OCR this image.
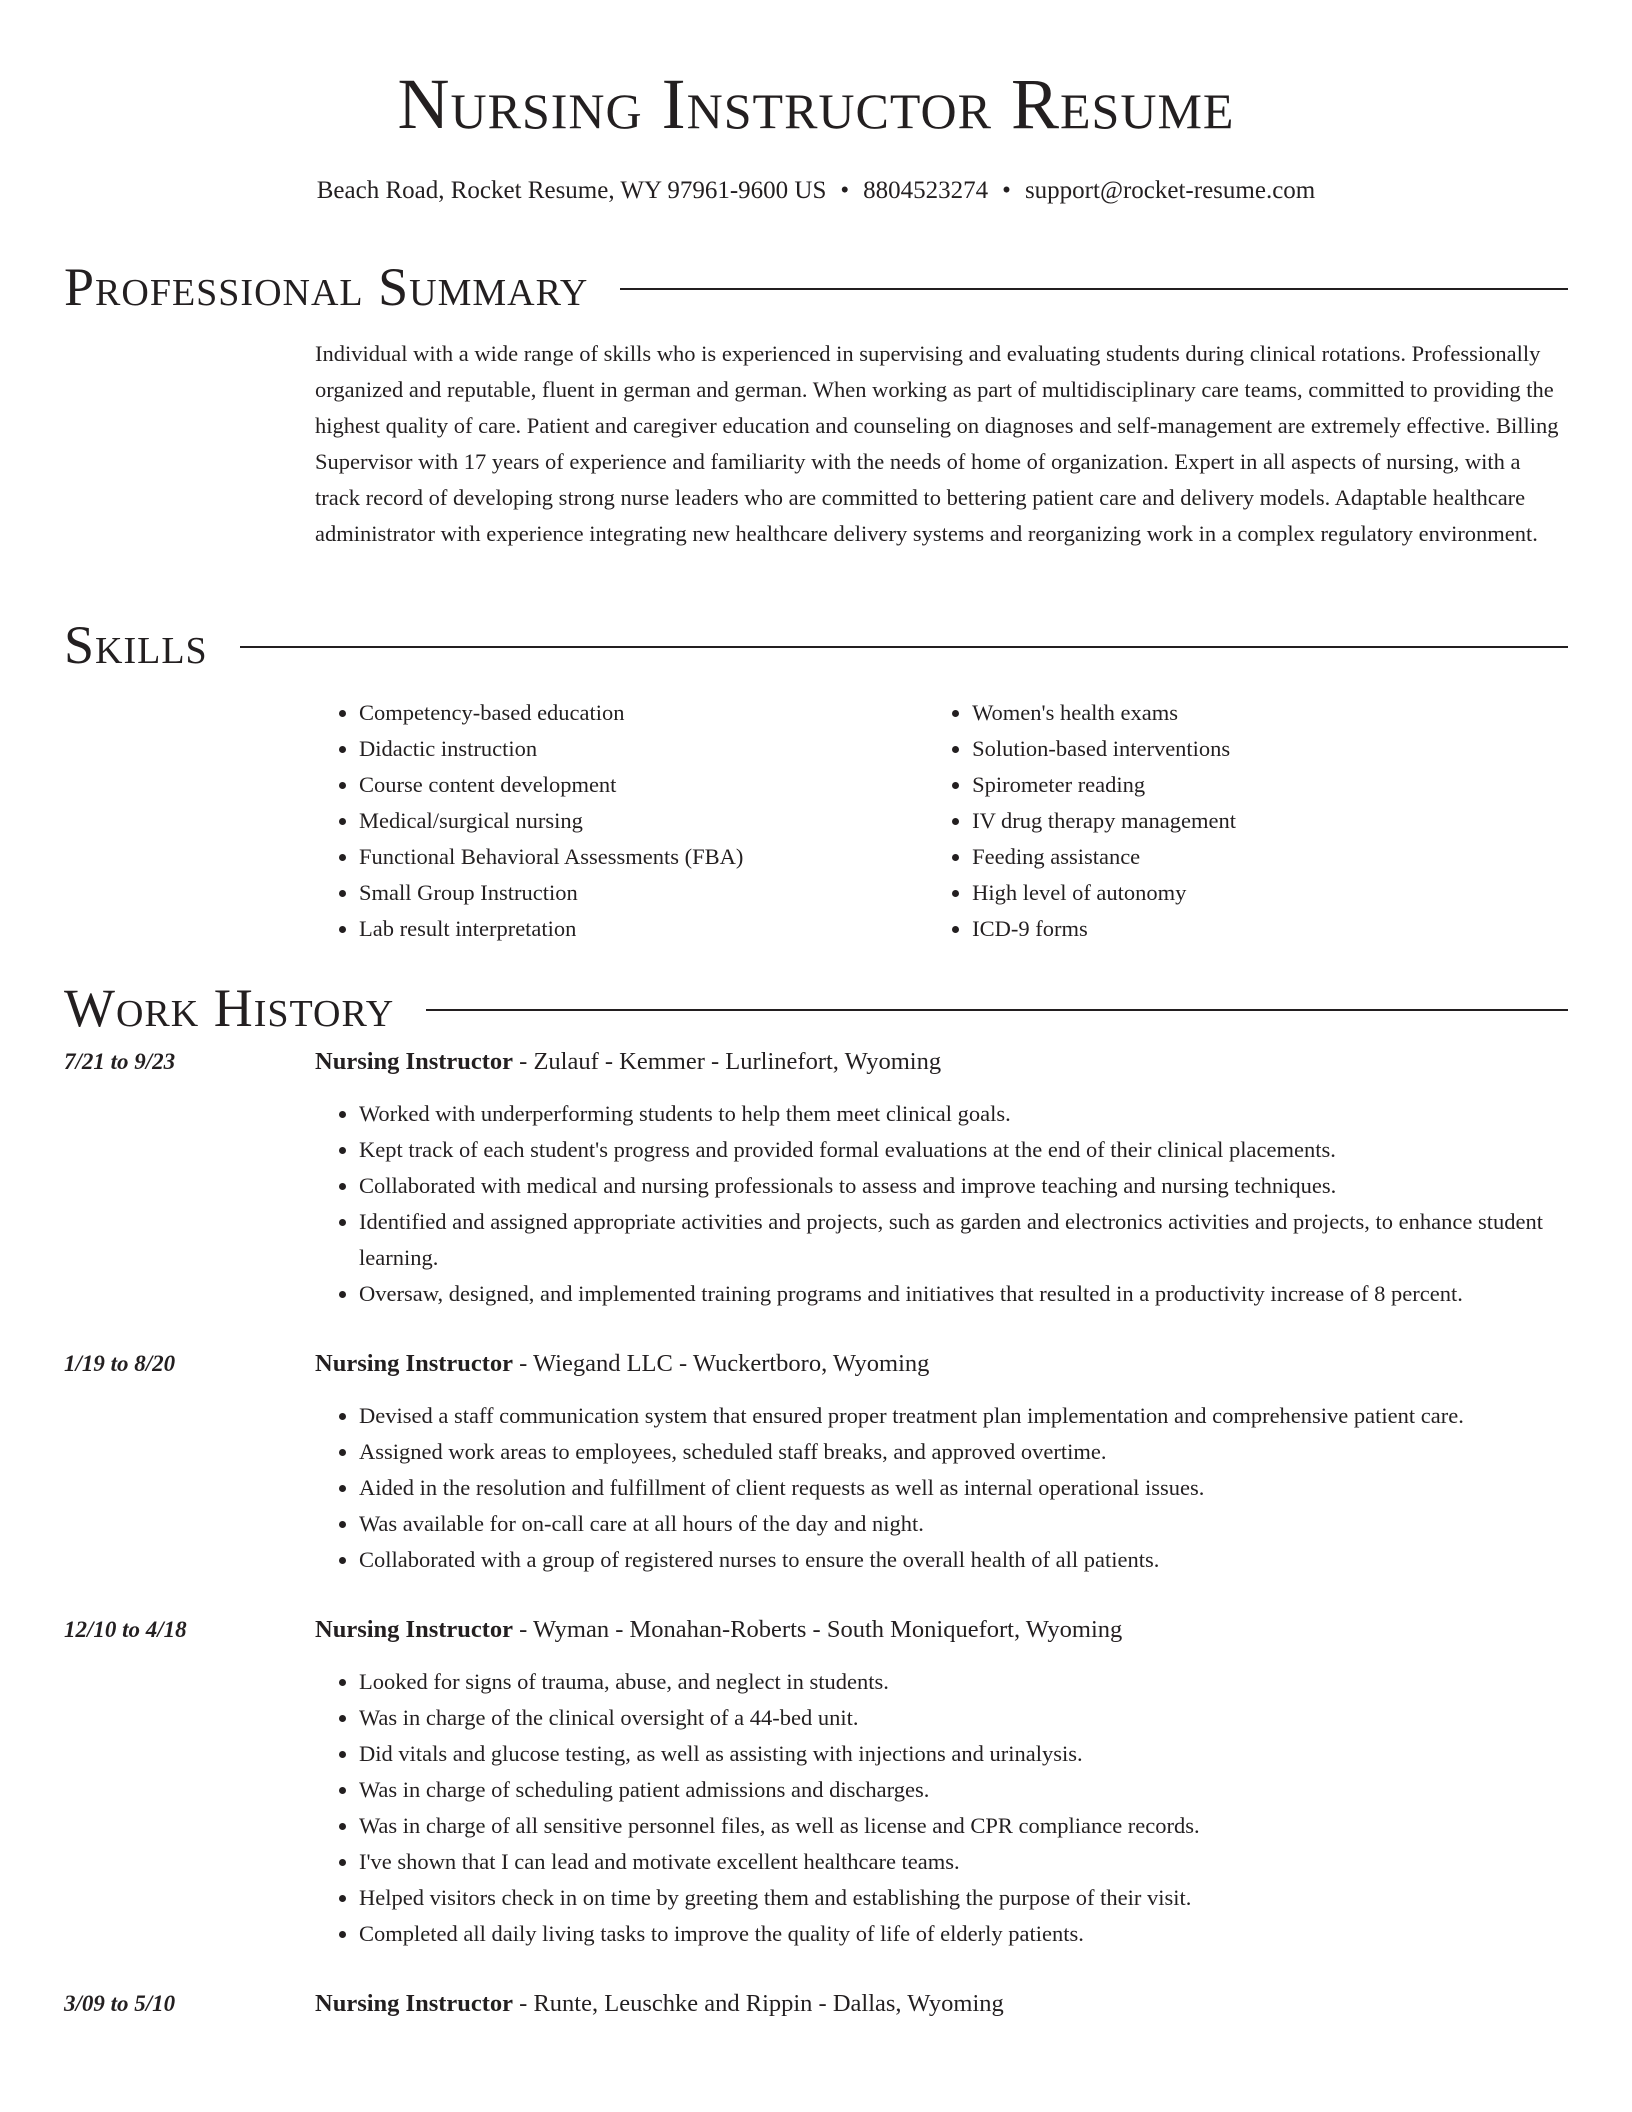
Nursing Instructor Resume
Beach Road, Rocket Resume, WY 97961-9600 US • 8804523274 • support@rocket-resume.com
Professional Summary

Individual with a wide range of skills who is experienced in supervising and evaluating students during clinical rotations. Professionally organized and reputable, fluent in german and german. When working as part of multidisciplinary care teams, committed to providing the highest quality of care. Patient and caregiver education and counseling on diagnoses and self-management are extremely effective. Billing Supervisor with 17 years of experience and familiarity with the needs of home of organization. Expert in all aspects of nursing, with a track record of developing strong nurse leaders who are committed to bettering patient care and delivery models. Adaptable healthcare administrator with experience integrating new healthcare delivery systems and reorganizing work in a complex regulatory environment.

Skills
• Competency-based education
• Didactic instruction
• Course content development
• Medical/surgical nursing
• Functional Behavioral Assessments (FBA)
• Small Group Instruction
• Lab result interpretation
• Women's health exams
• Solution-based interventions
• Spirometer reading
• IV drug therapy management
• Feeding assistance
• High level of autonomy
• ICD-9 forms
Work History
7/21 to 9/23	Nursing Instructor - Zulauf - Kemmer - Lurlinefort, Wyoming
• Worked with underperforming students to help them meet clinical goals.
• Kept track of each student's progress and provided formal evaluations at the end of their clinical placements.
• Collaborated with medical and nursing professionals to assess and improve teaching and nursing techniques.
• Identified and assigned appropriate activities and projects, such as garden and electronics activities and projects, to enhance student learning.
• Oversaw, designed, and implemented training programs and initiatives that resulted in a productivity increase of 8 percent.
1/19 to 8/20	Nursing Instructor - Wiegand LLC - Wuckertboro, Wyoming
• Devised a staff communication system that ensured proper treatment plan implementation and comprehensive patient care.
• Assigned work areas to employees, scheduled staff breaks, and approved overtime.
• Aided in the resolution and fulfillment of client requests as well as internal operational issues.
• Was available for on-call care at all hours of the day and night.
• Collaborated with a group of registered nurses to ensure the overall health of all patients.
12/10 to 4/18	Nursing Instructor - Wyman - Monahan-Roberts - South Moniquefort, Wyoming
• Looked for signs of trauma, abuse, and neglect in students.
• Was in charge of the clinical oversight of a 44-bed unit.
• Did vitals and glucose testing, as well as assisting with injections and urinalysis.
• Was in charge of scheduling patient admissions and discharges.
• Was in charge of all sensitive personnel files, as well as license and CPR compliance records.
• I've shown that I can lead and motivate excellent healthcare teams.
• Helped visitors check in on time by greeting them and establishing the purpose of their visit.
• Completed all daily living tasks to improve the quality of life of elderly patients.
3/09 to 5/10	Nursing Instructor - Runte, Leuschke and Rippin - Dallas, Wyoming
